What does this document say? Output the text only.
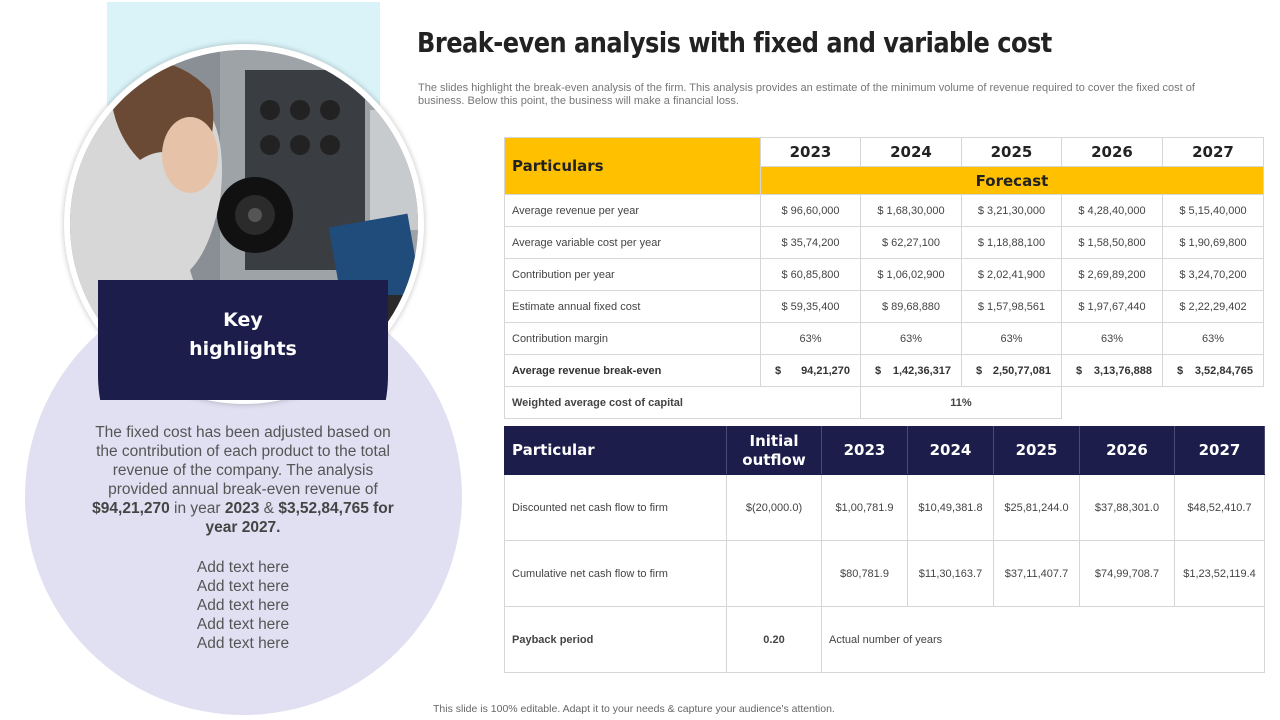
Key
highlights
The fixed cost has been adjusted based on the contribution of each product to the total revenue of the company. The analysis provided annual break-even revenue of $94,21,270 in year 2023 & $3,52,84,765 for year 2027.
Add text here
Add text here
Add text here
Add text here
Add text here
Break-even analysis with fixed and variable cost
The slides highlight the break-even analysis of the firm. This analysis provides an estimate of the minimum volume of revenue required to cover the fixed cost of business. Below this point, the business will make a financial loss.
Particulars	2023	2024	2025	2026	2027
	Forecast				
Average revenue per year	$ 96,60,000	$ 1,68,30,000	$ 3,21,30,000	$ 4,28,40,000	$ 5,15,40,000
Average variable cost per year	$ 35,74,200	$ 62,27,100	$ 1,18,88,100	$ 1,58,50,800	$ 1,90,69,800
Contribution per year	$ 60,85,800	$ 1,06,02,900	$ 2,02,41,900	$ 2,69,89,200	$ 3,24,70,200
Estimate annual fixed cost	$ 59,35,400	$ 89,68,880	$ 1,57,98,561	$ 1,97,67,440	$ 2,22,29,402
Contribution margin	63%	63%	63%	63%	63%
Average revenue break-even	$ 94,21,270	$ 1,42,36,317	$ 2,50,77,081	$ 3,13,76,888	$ 3,52,84,765

Weighted average cost of capital		11%			
Particular	Initial outflow	2023	2024	2025	2026	2027
Discounted net cash flow to firm	$(20,000.0)	$1,00,781.9	$10,49,381.8	$25,81,244.0	$37,88,301.0	$48,52,410.7
Cumulative net cash flow to firm		$80,781.9	$11,30,163.7	$37,11,407.7	$74,99,708.7	$1,23,52,119.4
Payback period	0.20	Actual number of years				
This slide is 100% editable. Adapt it to your needs & capture your audience's attention.
